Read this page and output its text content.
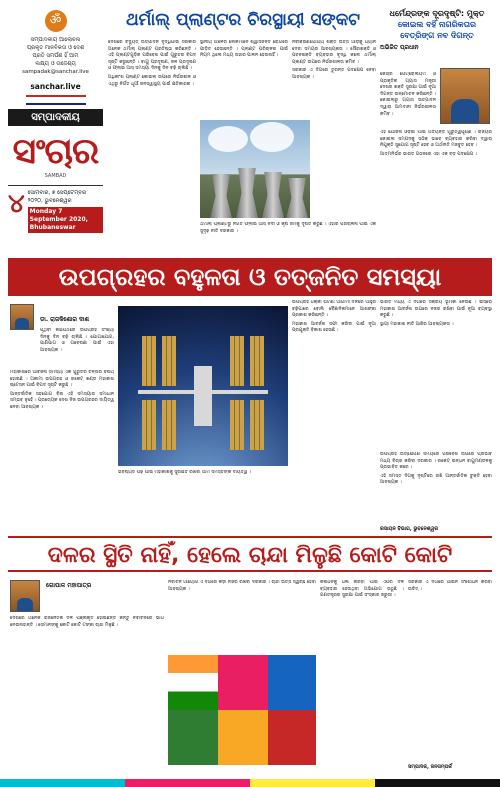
ॐ
ସମ୍ପାଦକୀୟ ଆଲୋଚନା
ପ୍ରକୃତ ମାନବିକତା ଓ ଦେଶ
ପ୍ରତି ସମର୍ପଣ ହିଁ ଆମ
ଲକ୍ଷ୍ୟ ଓ ଉଦ୍ଦେଶ୍ୟ
sampadak@sanchar.live
sanchar.live
ସମ୍ପାଦକୀୟ
ସଂଚାର
SAMBAD
୪ ସୋମବାର, ୭ ସେପ୍ଟେମ୍ବର
୨୦୨୦, ଭୁବନେଶ୍ୱର
Monday 7 September 2020, Bhubaneswar
ଥର୍ମାଲ୍ ପ୍ଲାଣ୍ଟର ଚିରସ୍ଥାୟୀ ସଙ୍କଟ

ଦେଶରେ ବିଦ୍ୟୁତ୍ ଉତ୍ପାଦନ ବୃଦ୍ଧିପାଇଁ ସରକାର ଅନେକ ଥର୍ମାଲ୍ ପ୍ଲାଣ୍ଟ ପ୍ରତିଷ୍ଠା କରିଛନ୍ତି । ଏହି ପ୍ଲାଣ୍ଟଗୁଡ଼ିକ ପରିବେଶ ପାଇଁ ଗୁରୁତର ବିପଦ ସୃଷ୍ଟି କରୁଛନ୍ତି । ବାୟୁ ପ୍ରଦୂଷଣ, ଜଳ ପ୍ରଦୂଷଣ ଓ ଫ୍ଲାଇ ଆସ୍ ସମସ୍ୟା ଦିନକୁ ଦିନ ବଢ଼ି ଚାଲିଛି ।

ଅଧିକାଂଶ ପ୍ଲାଣ୍ଟ କୋଇଲା ଉପରେ ନିର୍ଭରଶୀଳ ଓ ଏଥିରୁ ନିର୍ଗତ ଧୂଆଁ ଜନସ୍ୱାସ୍ଥ୍ୟ ପାଇଁ କ୍ଷତିକାରକ ।

ସ୍ଥାନୀୟ ଅଞ୍ଚଳର ଲୋକମାନେ ଶ୍ୱାସଜନିତ ରୋଗରେ ପୀଡ଼ିତ ହେଉଛନ୍ତି । ପ୍ଲାଣ୍ଟ ପରିଚାଳନା ପାଇଁ ନିୟମ ଥିଲେ ମଧ୍ୟ ତାହାର ପାଳନ ହେଉନାହିଁ ।

ନବୀକରଣଯୋଗ୍ୟ ଶକ୍ତି ଉତ୍ସ ଆଡ଼କୁ ଧ୍ୟାନ ଦେବା ସମୟର ଆବଶ୍ୟକତା । ସୌରଶକ୍ତି ଓ ପବନଶକ୍ତି ବ୍ୟବହାର ବୃଦ୍ଧି କଲେ ଥର୍ମାଲ୍ ପ୍ଲାଣ୍ଟ ଉପରେ ନିର୍ଭରଶୀଳତା କମିବ ।

ସରକାର ଏ ଦିଗରେ ତୁରନ୍ତ ପଦକ୍ଷେପ ନେବା ଆବଶ୍ୟକ ।

ଥର୍ମାଲ୍ ପ୍ଲାଣ୍ଟରୁ ନିର୍ଗତ ଫ୍ଲାଇ ଆସ୍ ନଦୀ ଓ କୃଷି ଜମିକୁ ଦୂଷିତ କରୁଛି । ଏହାର ପରିଚାଳନା ପାଇଁ ଏକ ସୁଦୃଢ଼ ନୀତି ଦରକାର ।

ଧର୍ମେନ୍ଦ୍ରଙ୍କ ଦୂରଦୃଷ୍ଟି: ମୁକ୍ତ
କୋଇଲ ବହିଁ ନାଗରିକତାର ବେତ୍ରିଙ୍ଗ ନବ ଦିଗନ୍ତ
ଅଭିଜିତ ପ୍ରଧାନ

କେନ୍ଦ୍ର ପେଟ୍ରୋଲିୟମ ଓ ପ୍ରାକୃତିକ ଗ୍ୟାସ ମନ୍ତ୍ରୀ ଦେଶର ଶକ୍ତି ସୁରକ୍ଷା ପାଇଁ ନୂଆ ଦିଗନ୍ତ ଉନ୍ମୋଚନ କରିଛନ୍ତି । କୋଇଲାରୁ ଗ୍ୟାସ ଉତ୍ପାଦନ ଦ୍ୱାରା ଆମଦାନୀ ନିର୍ଭରଶୀଳତା କମିବ ।

ଏହି ଯୋଜନା ଓଡ଼ିଶା ପାଇଁ ଅତ୍ୟନ୍ତ ଗୁରୁତ୍ୱପୂର୍ଣ୍ଣ । ରାଜ୍ୟର କୋଇଲା ସମ୍ପଦକୁ ସଠିକ୍ ଭାବେ ବ୍ୟବହାର କରିବା ଦ୍ୱାରା ନିଯୁକ୍ତି ସୁଯୋଗ ସୃଷ୍ଟି ହେବ ଓ ଅର୍ଥନୀତି ମଜବୁତ ହେବ ।

ଆତ୍ମନିର୍ଭର ଭାରତ ଗଠନରେ ଏହା ଏକ ବଡ଼ ପଦକ୍ଷେପ ।

ଉପଗ୍ରହର ବହୁଳତା ଓ ତତ୍‌ଜନିତ ସମସ୍ୟା
ଡା. ରାଜକିଶୋର ଦାଶ

ପୃଥିବୀ କକ୍ଷପଥରେ ଉପଗ୍ରହ ସଂଖ୍ୟା ଦିନକୁ ଦିନ ବଢ଼ି ଚାଲିଛି । ଯୋଗାଯୋଗ, ପାଣିପାଗ ଓ ଗବେଷଣା ପାଇଁ ଏହା ଆବଶ୍ୟକ ।

ମହାକାଶରେ ଆବର୍ଜନା ସମସ୍ୟା ଏକ ଗୁରୁତର ଚିନ୍ତାର ବିଷୟ ହୋଇଛି । ଅକାମୀ ଉପଗ୍ରହ ଓ ରକେଟ୍ ଖଣ୍ଡ ମହାକାଶ ଷ୍ଟେସନ ପାଇଁ ବିପଦ ସୃଷ୍ଟି କରୁଛି ।

ଆନ୍ତର୍ଜାତିକ ସହଯୋଗ ବିନା ଏହି ସମସ୍ୟାର ସମାଧାନ ସମ୍ଭବ ନୁହେଁ । ପ୍ରତ୍ୟେକ ଦେଶ ନିଜ ଉପଗ୍ରହର ଦାୟିତ୍ୱ ନେବା ଆବଶ୍ୟକ ।

ଉପଗ୍ରହ ଧକ୍କା ଘଟଣା ଆଗାମୀ ଦିନରେ ଆହୁରି ବଢ଼ିପାରେ ବୋଲି ବୈଜ୍ଞାନିକମାନେ ଆଶଙ୍କା ପ୍ରକାଶ କରିଛନ୍ତି ।

ମହାକାଶ ଆବର୍ଜନା ସଫା କରିବା ପାଇଁ ନୂଆ ପ୍ରଯୁକ୍ତି ବିକାଶ ହେଉଛି ।

ଭାରତ ମଧ୍ୟ ଏ ଦିଗରେ ସକ୍ରିୟ ଭୂମିକା ନେଉଛି । ଇସ୍ରୋ ମହାକାଶ ଆବର୍ଜନା ଉପରେ ନଜର ରଖିବା ପାଇଁ ନୂଆ ବ୍ୟବସ୍ଥା କରୁଛି ।

ସ୍ଥାୟୀ ମହାକାଶ ନୀତି ଆଜିର ଆବଶ୍ୟକତା ।

ଉପଗ୍ରହ ଉତ୍କ୍ଷେପଣ ସମୟରେ ପରିବେଶ ଉପରେ ପ୍ରଭାବ ମଧ୍ୟ ବିଚାର କରିବା ଦରକାର । ରକେଟ୍ ଇନ୍ଧନ ବାୟୁମଣ୍ଡଳକୁ ପ୍ରଭାବିତ କରେ ।

ଏହି ସମସ୍ତ ଦିଗକୁ ଦୃଷ୍ଟିରେ ରଖି ଆନ୍ତର୍ଜାତିକ ଚୁକ୍ତି ହେବା ଆବଶ୍ୟକ ।

ଭବିଷ୍ୟତ ପିଢ଼ି ପାଇଁ ମହାକାଶକୁ ସୁରକ୍ଷିତ ରଖିବା ଆମ ସମସ୍ତଙ୍କ ଦାୟିତ୍ୱ ।

ରସାୟନ ବିଭାଗ, ଭୁବନେଶ୍ୱର
ଦଳର ସ୍ଥିତି ନାହିଁ, ହେଲେ ଚାନ୍ଦା ମିଳୁଛି କୋଟି କୋଟି
ଗୋପାଳ ମହାପାତ୍ର

ଦେଶରେ ଅନେକ ରାଜନୈତିକ ଦଳ ପଞ୍ଜୀକୃତ ହୋଇଛନ୍ତି କିନ୍ତୁ ନିର୍ବାଚନରେ ଭାଗ ନେଉନାହାନ୍ତି । ସେମାନଙ୍କୁ କୋଟି କୋଟି ଟଙ୍କା ଚାନ୍ଦା ମିଳୁଛି ।

ନିର୍ବାଚନ ଆୟୋଗ ଏ ଦିଗରେ କଡ଼ା ନଜର ରଖିବା ଦରକାର । ଚାନ୍ଦା ଉତ୍ସ ସ୍ୱଚ୍ଛ ହେବା ଆବଶ୍ୟକ ।

କଳାଧନକୁ ଧଳା କରିବା ପାଇଁ ଏପରି ଦଳ ବ୍ୟବହାର ହେଉଥିବା ଅଭିଯୋଗ ଉଠୁଛି । ଗଣତନ୍ତ୍ରର ସୁରକ୍ଷା ପାଇଁ ସଂସ୍କାର ଜରୁରୀ ।

ସରକାର ଏ ଦିଗରେ ଆଇନ ସଂଶୋଧନ କରିବା ଉଚିତ୍ ।

ସମ୍ପାଦକ, ଜନସମ୍ପର୍କ
